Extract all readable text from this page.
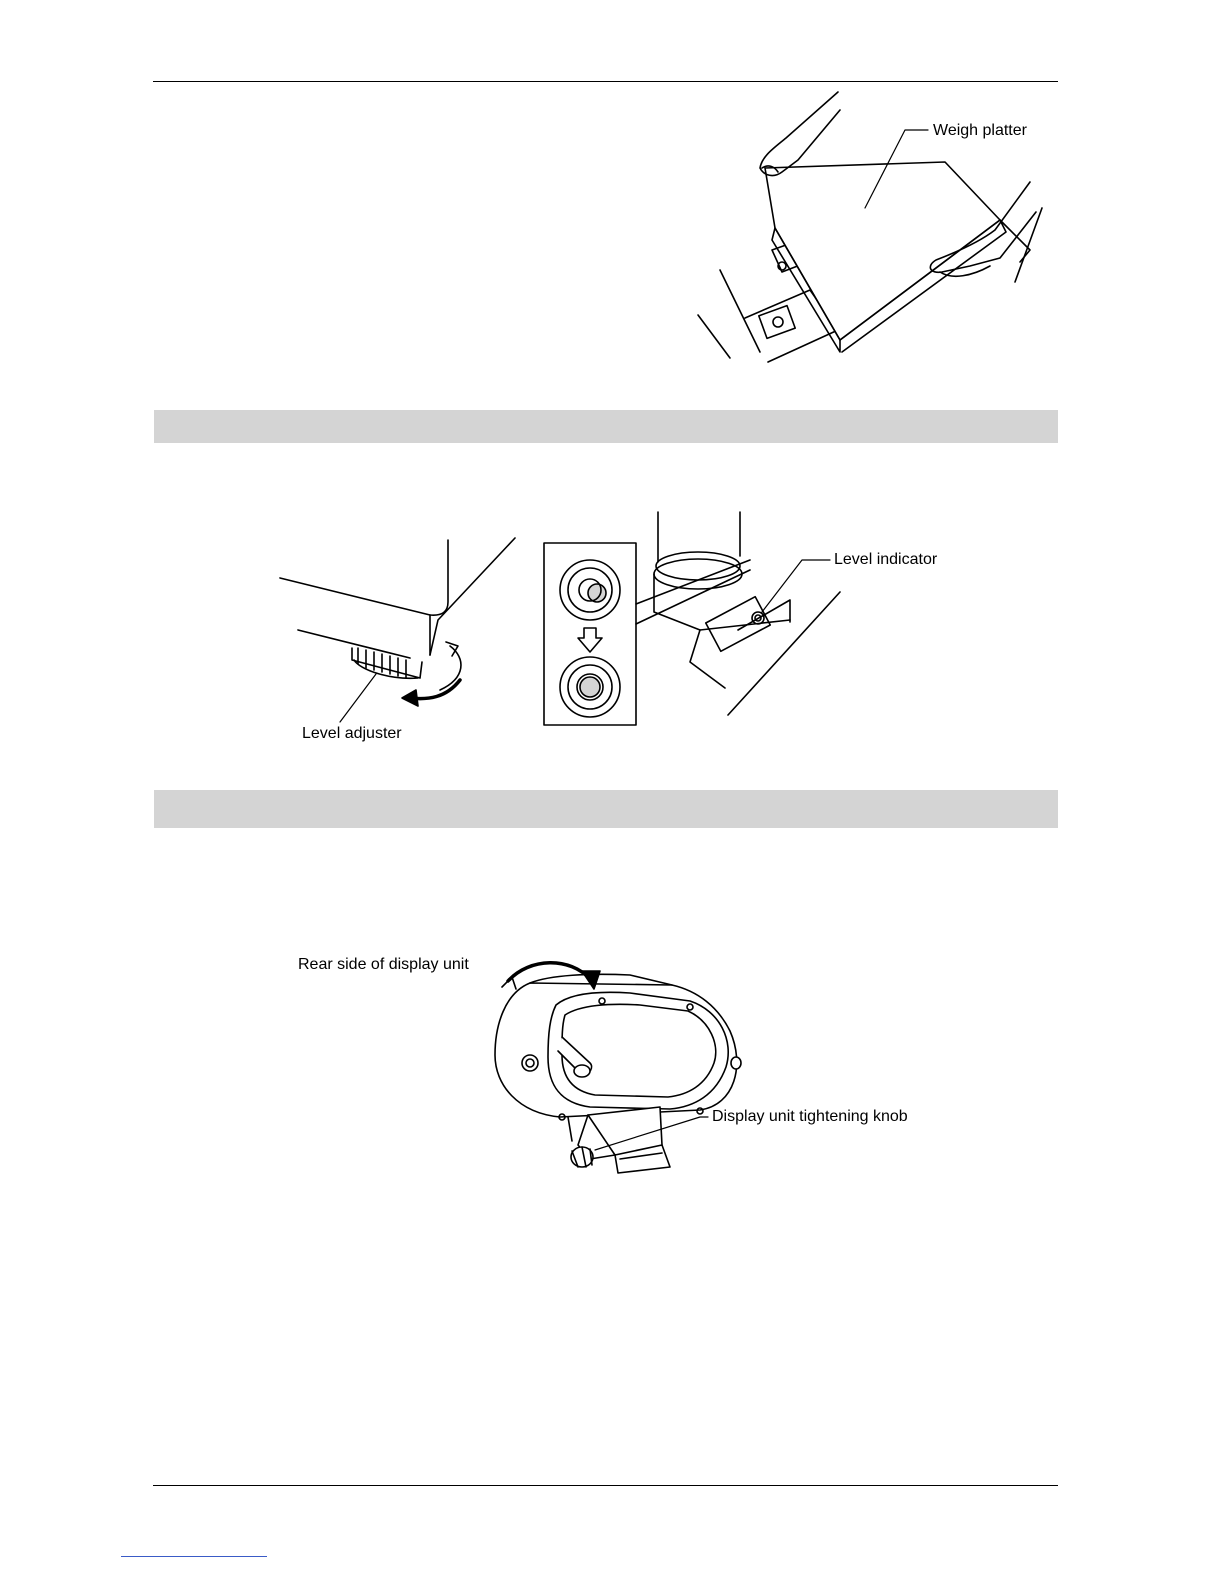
Weigh platter
Level adjuster
Level indicator
Rear side of display unit
Display unit tightening knob
